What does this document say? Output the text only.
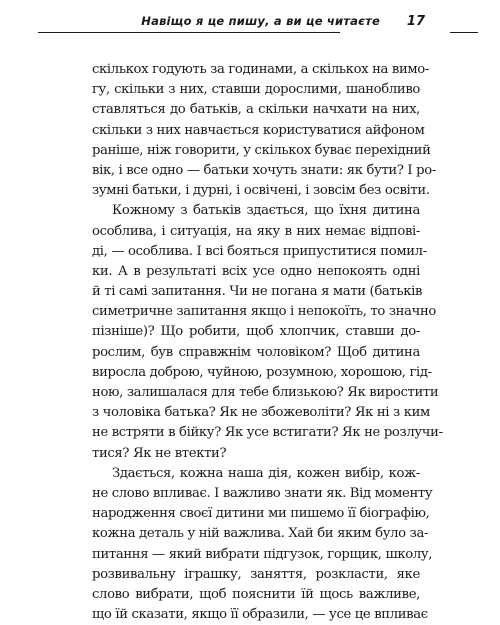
Навіщо я це пишу, а ви це читаєте 17

скількох годують за годинами, а скількох на вимо-
гу, скільки з них, ставши дорослими, шанобливо
ставляться до батьків, а скільки начхати на них,
скільки з них навчається користуватися айфоном
раніше, ніж говорити, у скількох буває перехідний
вік, і все одно — батьки хочуть знати: як бути? І ро-
зумні батьки, і дурні, і освічені, і зовсім без освіти.

Кожному з батьків здається, що їхня дитина
особлива, і ситуація, на яку в них немає відпові-
ді, — особлива. І всі бояться припуститися помил-
ки. А в результаті всіх усе одно непокоять одні
й ті самі запитання. Чи не погана я мати (батьків
симетричне запитання якщо і непокоїть, то значно
пізніше)? Що робити, щоб хлопчик, ставши до-
рослим, був справжнім чоловіком? Щоб дитина
виросла доброю, чуйною, розумною, хорошою, гід-
ною, залишалася для тебе близькою? Як виростити
з чоловіка батька? Як не збожеволіти? Як ні з ким
не встряти в бійку? Як усе встигати? Як не розлучи-
тися? Як не втекти?

Здається, кожна наша дія, кожен вибір, кож-
не слово впливає. І важливо знати як. Від моменту
народження своєї дитини ми пишемо її біографію,
кожна деталь у ній важлива. Хай би яким було за-
питання — який вибрати підгузок, горщик, школу,
розвивальну іграшку, заняття, розкласти, яке
слово вибрати, щоб пояснити їй щось важливе,
що їй сказати, якщо її образили, — усе це впливає
